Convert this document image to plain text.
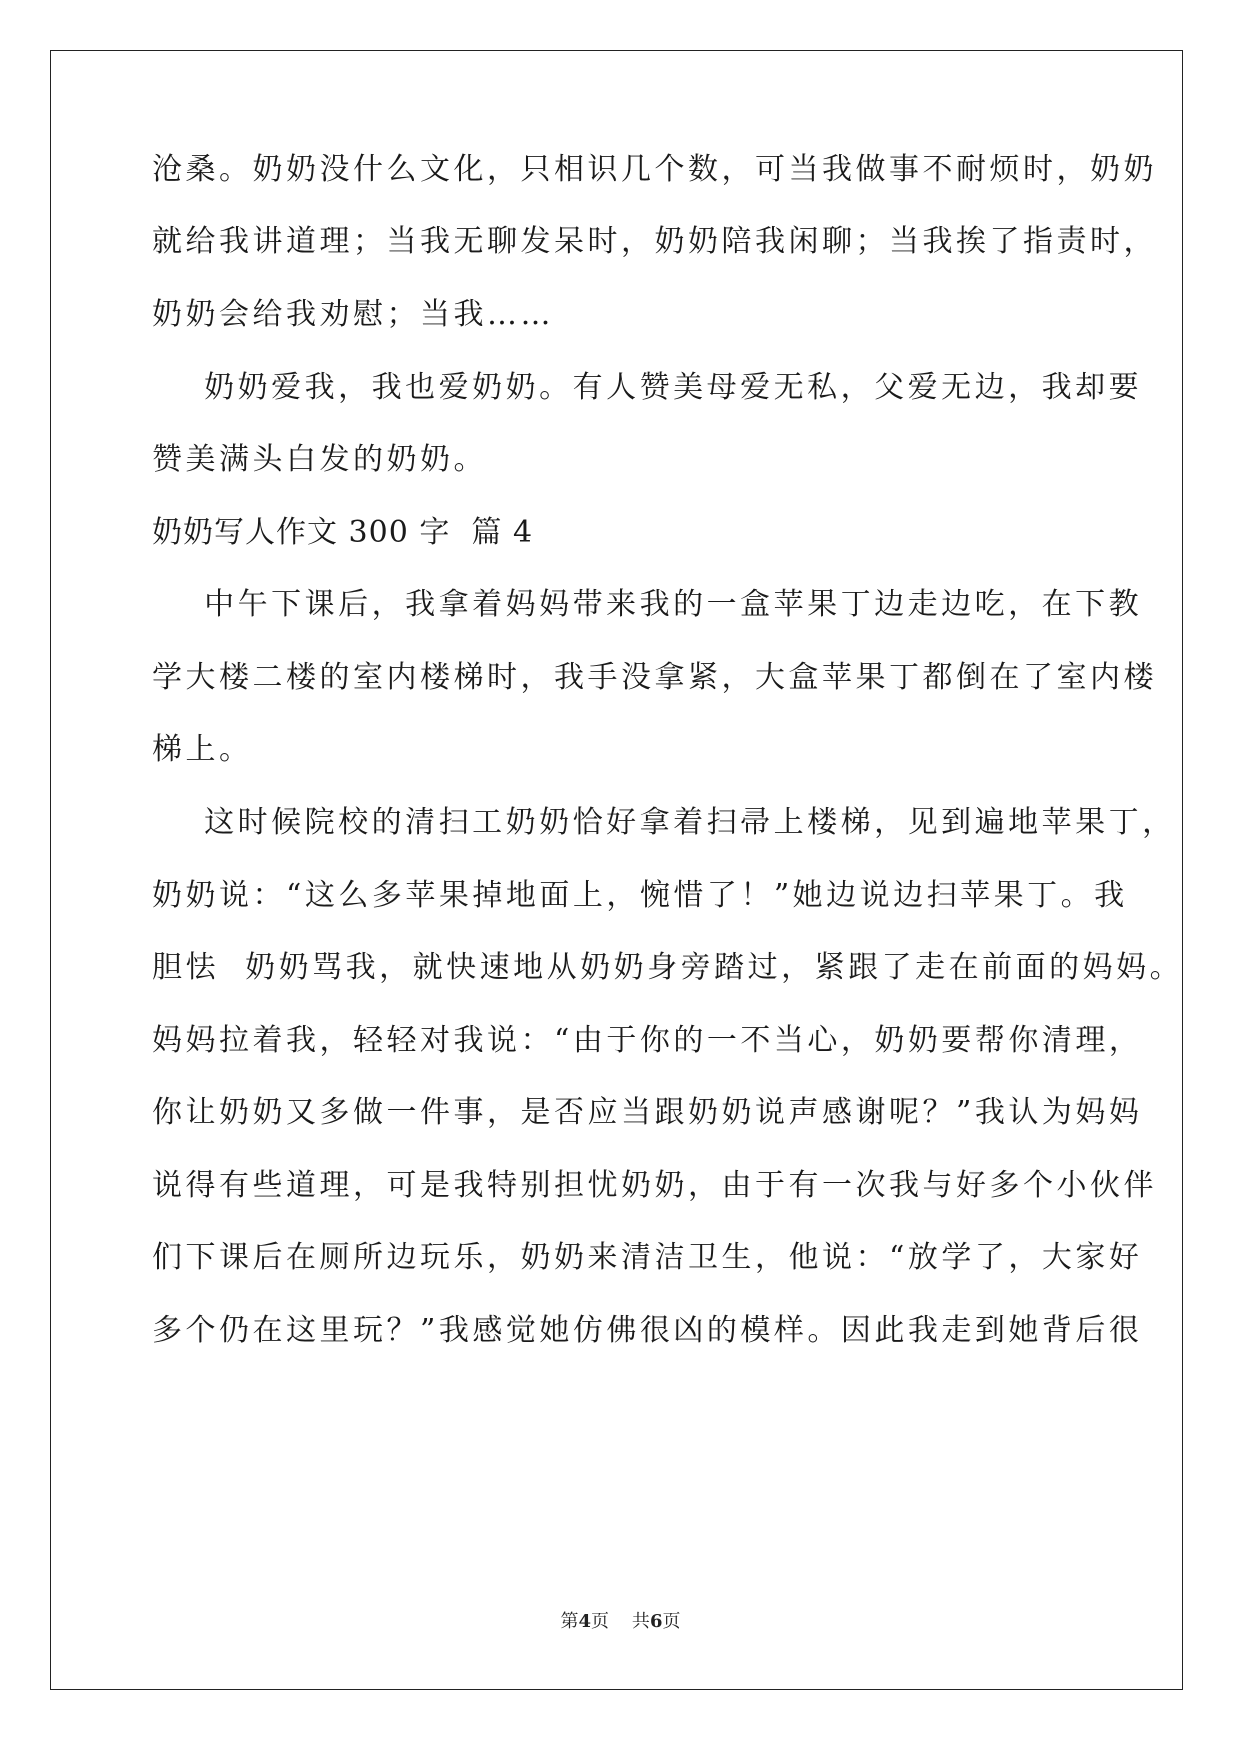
沧桑。奶奶没什么文化，只相识几个数，可当我做事不耐烦时，奶奶
就给我讲道理；当我无聊发呆时，奶奶陪我闲聊；当我挨了指责时，
奶奶会给我劝慰；当我……
奶奶爱我，我也爱奶奶。有人赞美母爱无私，父爱无边，我却要
赞美满头白发的奶奶。
奶奶写人作文 300 字  篇 4
中午下课后，我拿着妈妈带来我的一盒苹果丁边走边吃，在下教
学大楼二楼的室内楼梯时，我手没拿紧，大盒苹果丁都倒在了室内楼
梯上。
这时候院校的清扫工奶奶恰好拿着扫帚上楼梯，见到遍地苹果丁，
奶奶说：“这么多苹果掉地面上，惋惜了！”她边说边扫苹果丁。我
胆怯  奶奶骂我，就快速地从奶奶身旁踏过，紧跟了走在前面的妈妈。
妈妈拉着我，轻轻对我说：“由于你的一不当心，奶奶要帮你清理，
你让奶奶又多做一件事，是否应当跟奶奶说声感谢呢？”我认为妈妈
说得有些道理，可是我特别担忧奶奶，由于有一次我与好多个小伙伴
们下课后在厕所边玩乐，奶奶来清洁卫生，他说：“放学了，大家好
多个仍在这里玩？”我感觉她仿佛很凶的模样。因此我走到她背后很
第4页    共6页
